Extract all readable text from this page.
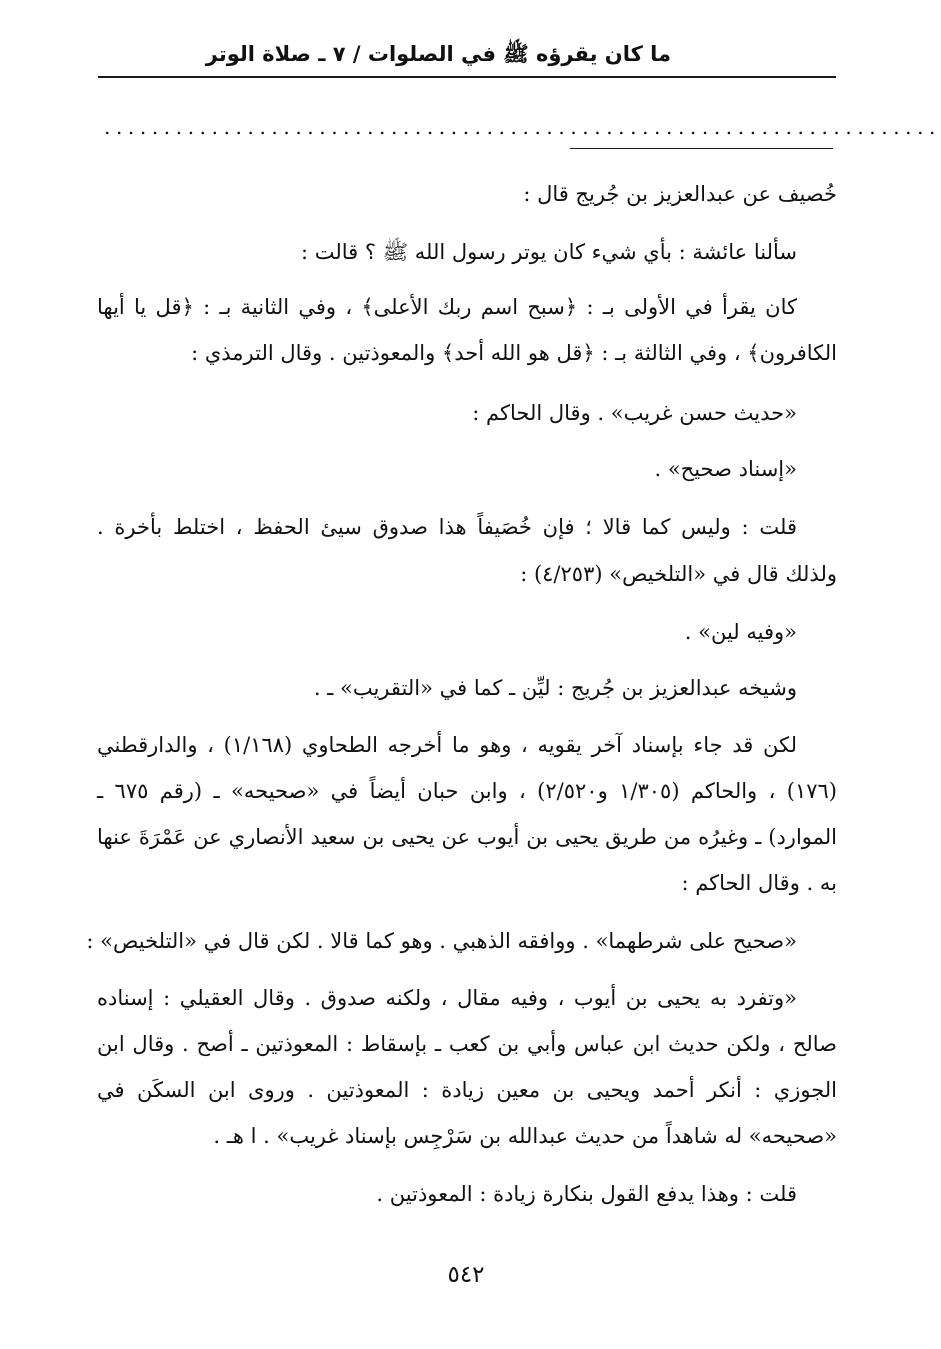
ما كان يقرؤه ﷺ في الصلوات / ٧ ـ صلاة الوتر
......................................................................
خُصيف عن عبدالعزيز بن جُريج قال :
سألنا عائشة : بأي شيء كان يوتر رسول الله ﷺ ؟ قالت :
كان يقرأ في الأولى بـ : ﴿سبح اسم ربك الأعلى﴾ ، وفي الثانية بـ : ﴿قل يا أيها
الكافرون﴾ ، وفي الثالثة بـ : ﴿قل هو الله أحد﴾ والمعوذتين . وقال الترمذي :
«حديث حسن غريب» . وقال الحاكم :
«إسناد صحيح» .
قلت : وليس كما قالا ؛ فإن خُصَيفاً هذا صدوق سيئ الحفظ ، اختلط بأخرة .
ولذلك قال في «التلخيص» (٤/٢٥٣) :
«وفيه لين» .
وشيخه عبدالعزيز بن جُريج : ليِّن ـ كما في «التقريب» ـ .
لكن قد جاء بإسناد آخر يقويه ، وهو ما أخرجه الطحاوي (١/١٦٨) ، والدارقطني
(١٧٦) ، والحاكم (١/٣٠٥ و٢/٥٢٠) ، وابن حبان أيضاً في «صحيحه» ـ (رقم ٦٧٥ ـ
الموارد) ـ وغيرُه من طريق يحيى بن أيوب عن يحيى بن سعيد الأنصاري عن عَمْرَةَ عنها
به . وقال الحاكم :
«صحيح على شرطهما» . ووافقه الذهبي . وهو كما قالا . لكن قال في «التلخيص» :
«وتفرد به يحيى بن أيوب ، وفيه مقال ، ولكنه صدوق . وقال العقيلي : إسناده
صالح ، ولكن حديث ابن عباس وأبي بن كعب ـ بإسقاط : المعوذتين ـ أصح . وقال ابن
الجوزي : أنكر أحمد ويحيى بن معين زيادة : المعوذتين . وروى ابن السكَن في
«صحيحه» له شاهداً من حديث عبدالله بن سَرْجِس بإسناد غريب» . ا هـ .
قلت : وهذا يدفع القول بنكارة زيادة : المعوذتين .
٥٤٢
